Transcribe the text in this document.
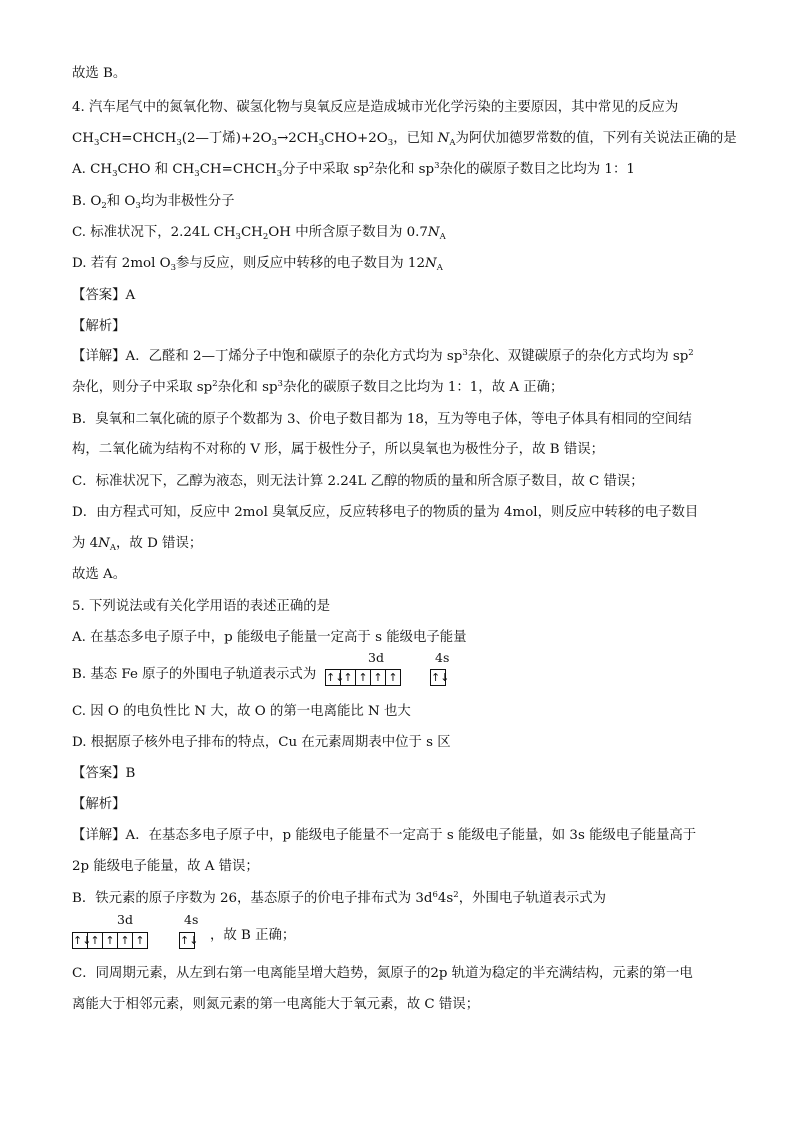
故选 B。
4. 汽车尾气中的氮氧化物、碳氢化物与臭氧反应是造成城市光化学污染的主要原因，其中常见的反应为
$CH_3CH=CHCH_3(2—$丁烯)$+2O_3\to 2CH_3CHO+2O_3$，已知 $N_A$为阿伏加德罗常数的值，下列有关说法正确的是
A. $CH_3CHO$ 和 $CH_3CH=CHCH_3$分子中采取 $sp^2$杂化和 $sp^3$杂化的碳原子数目之比均为 1：1
B. $O_2$和 $O_3$均为非极性分子
C. 标准状况下，2.24L $CH_3CH_2OH$ 中所含原子数目为 $0.7N_A$
D. 若有 2mol $O_3$参与反应，则反应中转移的电子数目为 $12N_A$
【答案】A
【解析】
【详解】A．乙醛和 2—丁烯分子中饱和碳原子的杂化方式均为 $sp^3$杂化、双键碳原子的杂化方式均为 $sp^2$
杂化，则分子中采取 $sp^2$杂化和 $sp^3$杂化的碳原子数目之比均为 1：1，故 A 正确；
B．臭氧和二氧化硫的原子个数都为 3、价电子数目都为 18，互为等电子体，等电子体具有相同的空间结
构，二氧化硫为结构不对称的 V 形，属于极性分子，所以臭氧也为极性分子，故 B 错误；
C．标准状况下，乙醇为液态，则无法计算 2.24L 乙醇的物质的量和所含原子数目，故 C 错误；
D．由方程式可知，反应中 2mol 臭氧反应，反应转移电子的物质的量为 4mol，则反应中转移的电子数目
为 $4N_A$，故 D 错误；
故选 A。
5. 下列说法或有关化学用语的表述正确的是
A. 在基态多电子原子中，p 能级电子能量一定高于 s 能级电子能量
B. 基态 Fe 原子的外围电子轨道表示式为
3d	4s
↑↓
↑ ↑ ↑ ↑	↑↓
C. 因 O 的电负性比 N 大，故 O 的第一电离能比 N 也大
D. 根据原子核外电子排布的特点，Cu 在元素周期表中位于 s 区
【答案】B
【解析】
【详解】A．在基态多电子原子中，p 能级电子能量不一定高于 s 能级电子能量，如 3s 能级电子能量高于
2p 能级电子能量，故 A 错误；
B．铁元素的原子序数为 26，基态原子的价电子排布式为 $3d^64s^2$，外围电子轨道表示式为
3d	4s
↑↓
↑ ↑ ↑ ↑	↑↓ ，故 B 正确；
C．同周期元素，从左到右第一电离能呈增大趋势，氮原子的2p 轨道为稳定的半充满结构，元素的第一电
离能大于相邻元素，则氮元素的第一电离能大于氧元素，故 C 错误；
